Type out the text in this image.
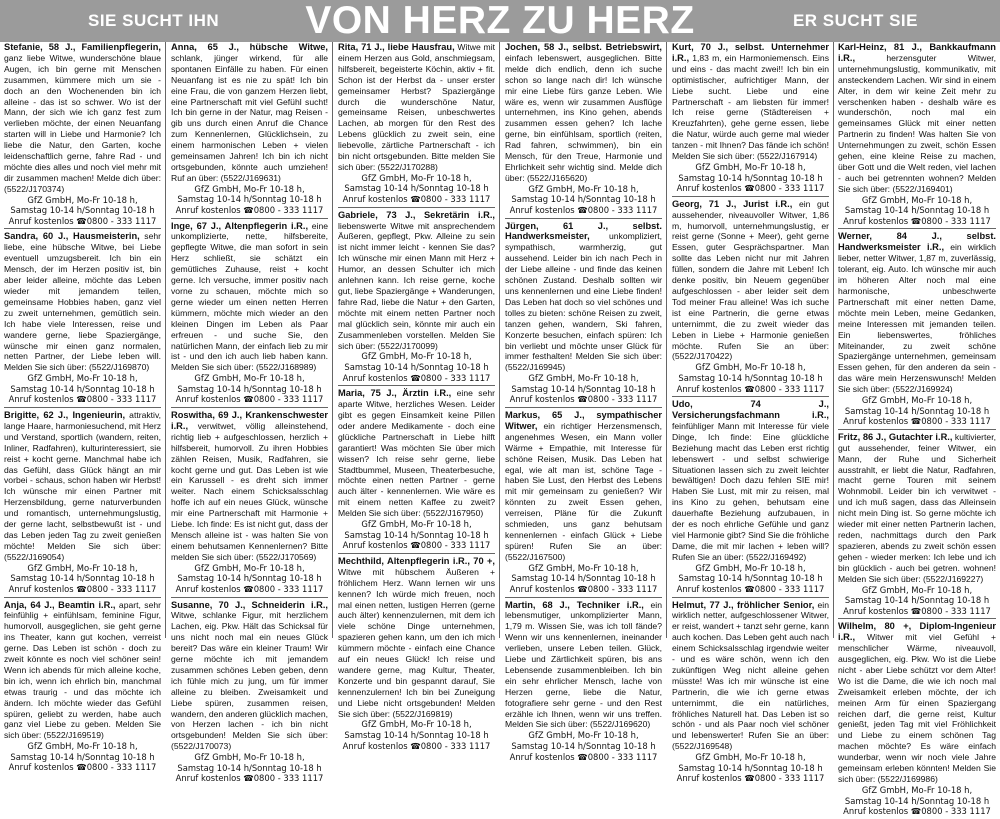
SIE SUCHT IHN	VON HERZ ZU HERZ	ER SUCHT SIE
Stefanie, 58 J., Familienpflegerin, ganz liebe Witwe, wunderschöne blaue Augen, ich bin gerne mit Menschen zusammen, kümmere mich um sie - doch an den Wochenenden bin ich alleine - das ist so schwer. Wo ist der Mann, der sich wie ich ganz fest zum verlieben möchte, der einen Neuanfang starten will in Liebe und Harmonie? Ich liebe die Natur, den Garten, koche leidenschaftlich gerne, fahre Rad - und möchte dies alles und noch viel mehr mit dir zusammen machen! Melde dich über: (5522/J170374)
GfZ GmbH, Mo-Fr 10-18 h,
Samstag 10-14 h/Sonntag 10-18 h
Anruf kostenlos ☎0800 - 333 1117
Sandra, 60 J., Hausmeisterin, sehr liebe, eine hübsche Witwe, bei Liebe eventuell umzugsbereit. Ich bin ein Mensch, der im Herzen positiv ist, bin aber leider alleine, möchte das Leben wieder mit jemandem teilen, gemeinsame Hobbies haben, ganz viel zu zweit unternehmen, gemütlich sein. Ich habe viele Interessen, reise und wandere gerne, liebe Spaziergänge, wünsche mir einen ganz normalen, netten Partner, der Liebe leben will. Melden Sie sich über: (5522/J169870)
GfZ GmbH, Mo-Fr 10-18 h,
Samstag 10-14 h/Sonntag 10-18 h
Anruf kostenlos ☎0800 - 333 1117
Brigitte, 62 J., Ingenieurin, attraktiv, lange Haare, harmoniesuchend, mit Herz und Verstand, sportlich (wandern, reiten, Inliner, Radfahren), kulturinteressiert, sie reist + kocht gerne. Manchmal habe ich das Gefühl, dass Glück hängt an mir vorbei - schaus, schon haben wir Herbst! Ich wünsche mir einen Partner mit Herzensbildung, gerne naturverbunden und romantisch, unternehmungslustig, der gerne lacht, selbstbewußt ist - und das Leben jeden Tag zu zweit genießen möchte! Melden Sie sich über: (5522/J169054)
GfZ GmbH, Mo-Fr 10-18 h,
Samstag 10-14 h/Sonntag 10-18 h
Anruf kostenlos ☎0800 - 333 1117
Anja, 64 J., Beamtin i.R., apart, sehr feinfühlig + einfühlsam, feminine Figur, humorvoll, ausgeglichen, sie geht gerne ins Theater, kann gut kochen, verreist gerne. Das Leben ist schön - doch zu zweit könnte es noch viel schöner sein! Wenn ich abends für mich alleine koche, bin ich, wenn ich ehrlich bin, manchmal etwas traurig - und das möchte ich ändern. Ich möchte wieder das Gefühl spüren, geliebt zu werden, habe auch ganz viel Liebe zu geben. Melden Sie sich über: (5522/J169519)
GfZ GmbH, Mo-Fr 10-18 h,
Samstag 10-14 h/Sonntag 10-18 h
Anruf kostenlos ☎0800 - 333 1117
Anna, 65 J., hübsche Witwe, schlank, jünger wirkend, für alle spontanen Einfälle zu haben. Für einen Neuanfang ist es nie zu spät! Ich bin eine Frau, die von ganzem Herzen liebt, eine Partnerschaft mit viel Gefühl sucht! Ich bin gerne in der Natur, mag Reisen - gib uns durch einen Anruf die Chance zum Kennenlernen, Glücklichsein, zu einem harmonischen Leben + vielen gemeinsamen Jahren! Ich bin ich nicht ortsgebunden, könnte auch umziehen! Ruf an über: (5522/J169631)
GfZ GmbH, Mo-Fr 10-18 h,
Samstag 10-14 h/Sonntag 10-18 h
Anruf kostenlos ☎0800 - 333 1117
Inge, 67 J., Altenpflegerin i.R., eine unkomplizierte, nette, hilfsbereite, gepflegte Witwe, die man sofort in sein Herz schließt, sie schätzt ein gemütliches Zuhause, reist + kocht gerne. Ich versuche, immer positiv nach vorne zu schauen, möchte mich so gerne wieder um einen netten Herren kümmern, möchte mich wieder an den kleinen Dingen im Leben als Paar erfreuen - und suche Sie, den natürlichen Mann, der einfach lieb zu mir ist - und den ich auch lieb haben kann. Melden Sie sich über: (5522/J168989)
GfZ GmbH, Mo-Fr 10-18 h,
Samstag 10-14 h/Sonntag 10-18 h
Anruf kostenlos ☎0800 - 333 1117
Roswitha, 69 J., Krankenschwester i.R., verwitwet, völlig alleinstehend, richtig lieb + aufgeschlossen, herzlich + hilfsbereit, humorvoll. Zu ihren Hobbies zählen Reisen, Musik, Radfahren, sie kocht gerne und gut. Das Leben ist wie ein Karussell - es dreht sich immer weiter. Nach einem Schicksalsschlag hoffe ich auf ein neues Glück, wünsche mir eine Partnerschaft mit Harmonie + Liebe. Ich finde: Es ist nicht gut, dass der Mensch alleine ist - was halten Sie von einem behutsamen Kennenlernen? Bitte melden Sie sich über: (5522/J170569)
GfZ GmbH, Mo-Fr 10-18 h,
Samstag 10-14 h/Sonntag 10-18 h
Anruf kostenlos ☎0800 - 333 1117
Susanne, 70 J., Schneiderin i.R., Witwe, schlanke Figur, mit herzlichem Lachen, eig. Pkw. Hält das Schicksal für uns nicht noch mal ein neues Glück bereit? Das wäre ein kleiner Traum! Wir gerne möchte ich mit jemandem zusammen schönes Leben geben, denn ich fühle mich zu jung, um für immer alleine zu bleiben. Zweisamkeit und Liebe spüren, zusammen reisen, wandern, den anderen glücklich machen, von Herzen lachen - ich bin nicht ortsgebunden! Melden Sie sich über: (5522/J170073)
GfZ GmbH, Mo-Fr 10-18 h,
Samstag 10-14 h/Sonntag 10-18 h
Anruf kostenlos ☎0800 - 333 1117
Rita, 71 J., liebe Hausfrau, Witwe mit einem Herzen aus Gold, anschmiegsam, hilfsbereit, begeisterte Köchin, aktiv + fit. Schon ist der Herbst da - unser erster gemeinsamer Herbst? Spaziergänge durch die wunderschöne Natur, gemeinsame Reisen, unbeschwertes Lachen, ab morgen für den Rest des Lebens glücklich zu zweit sein, eine liebevolle, zärtliche Partnerschaft - ich bin nicht ortsgebunden. Bitte melden Sie sich über: (5522/J170288)
GfZ GmbH, Mo-Fr 10-18 h,
Samstag 10-14 h/Sonntag 10-18 h
Anruf kostenlos ☎0800 - 333 1117
Gabriele, 73 J., Sekretärin i.R., liebenswerte Witwe mit ansprechendem Äußeren, gepflegt, Pkw. Alleine zu sein ist nicht immer leicht - kennen Sie das? Ich wünsche mir einen Mann mit Herz + Humor, an dessen Schulter ich mich anlehnen kann. Ich reise gerne, koche gut, liebe Spaziergänge + Wanderungen, fahre Rad, liebe die Natur + den Garten, möchte mit einem netten Partner noch mal glücklich sein, könnte mir auch ein Zusammenleben vorstellen. Melden Sie sich über: (5522/J170099)
GfZ GmbH, Mo-Fr 10-18 h,
Samstag 10-14 h/Sonntag 10-18 h
Anruf kostenlos ☎0800 - 333 1117
Maria, 75 J., Ärztin i.R., eine sehr aparte Witwe, herzliches Wesen. Leider gibt es gegen Einsamkeit keine Pillen oder andere Medikamente - doch eine glückliche Partnerschaft in Liebe hilft garantiert! Was möchten Sie über mich wissen? Ich reise sehr gerne, liebe Stadtbummel, Museen, Theaterbesuche, möchte einen netten Partner - gerne auch älter - kennenlernen. Wie wäre es mit einem netten Kaffee zu zweit? Melden Sie sich über: (5522/J167950)
GfZ GmbH, Mo-Fr 10-18 h,
Samstag 10-14 h/Sonntag 10-18 h
Anruf kostenlos ☎0800 - 333 1117
Mechthild, Altenpflegerin i.R., 70 +, Witwe mit hübschem Äußeren + fröhlichem Herz. Wann lernen wir uns kennen? Ich würde mich freuen, noch mal einen netten, lustigen Herren (gerne auch älter) kennenzulernen, mit dem ich viele schöne Dinge unternehmen, spazieren gehen kann, um den ich mich kümmern möchte - einfach eine Chance auf ein neues Glück! Ich reise und wandere gerne, mag Kultur, Theater, Konzerte und bin gespannt darauf, Sie kennenzulernen! Ich bin bei Zuneigung und Liebe nicht ortsgebunden! Melden Sie sich über: (5522/J169819)
GfZ GmbH, Mo-Fr 10-18 h,
Samstag 10-14 h/Sonntag 10-18 h
Anruf kostenlos ☎0800 - 333 1117
Jochen, 58 J., selbst. Betriebswirt, einfach lebenswert, ausgeglichen. Bitte melde dich endlich, denn ich suche schon so lange nach dir! Ich wünsche mir eine Liebe fürs ganze Leben. Wie wäre es, wenn wir zusammen Ausflüge unternehmen, ins Kino gehen, abends zusammen essen gehen? Ich lache gerne, bin einfühlsam, sportlich (reiten, Rad fahren, schwimmen), bin ein Mensch, für den Treue, Harmonie und Ehrlichkeit sehr wichtig sind. Melde dich über: (5522/J165620)
GfZ GmbH, Mo-Fr 10-18 h,
Samstag 10-14 h/Sonntag 10-18 h
Anruf kostenlos ☎0800 - 333 1117
Jürgen, 61 J., selbst. Handwerksmeister, unkompliziert, sympathisch, warmherzig, gut aussehend. Leider bin ich nach Pech in der Liebe alleine - und finde das keinen schönen Zustand. Deshalb sollten wir uns kennenlernen und eine Liebe finden! Das Leben hat doch so viel schönes und tolles zu bieten: schöne Reisen zu zweit, tanzen gehen, wandern, Ski fahren, Konzerte besuchen, einfach spüren: Ich bin verliebt und möchte unser Glück für immer festhalten! Melden Sie sich über: (5522/J169945)
GfZ GmbH, Mo-Fr 10-18 h,
Samstag 10-14 h/Sonntag 10-18 h
Anruf kostenlos ☎0800 - 333 1117
Markus, 65 J., sympathischer Witwer, ein richtiger Herzensmensch, angenehmes Wesen, ein Mann voller Wärme + Empathie, mit Interesse für schöne Reisen, Musik. Das Leben hat egal, wie alt man ist, schöne Tage - haben Sie Lust, den Herbst des Lebens mit mir gemeinsam zu genießen? Wir könnten zu zweit Essen gehen, verreisen, Pläne für die Zukunft schmieden, uns ganz behutsam kennenlernen - einfach Glück + Liebe spüren! Rufen Sie an über: (5522/J167500)
GfZ GmbH, Mo-Fr 10-18 h,
Samstag 10-14 h/Sonntag 10-18 h
Anruf kostenlos ☎0800 - 333 1117
Martin, 68 J., Techniker i.R., ein lebensmutiger, unkomplizierter Mann, 1,79 m. Wissen Sie, was ich toll fände? Wenn wir uns kennenlernen, ineinander verlieben, unsere Leben teilen. Glück, Liebe und Zärtlichkeit spüren, bis ans Lebensende zusammenbleiben. Ich bin ein sehr ehrlicher Mensch, lache von Herzen gerne, liebe die Natur, fotografiere sehr gerne - und den Rest erzähle ich Ihnen, wenn wir uns treffen. Melden Sie sich über: (5522/J169620)
GfZ GmbH, Mo-Fr 10-18 h,
Samstag 10-14 h/Sonntag 10-18 h
Anruf kostenlos ☎0800 - 333 1117
Kurt, 70 J., selbst. Unternehmer i.R., 1,83 m, ein Harmoniemensch. Eins und eins - das macht zwei!! Ich bin ein optimistischer, aufrichtiger Mann, der Liebe sucht. Liebe und eine Partnerschaft - am liebsten für immer! Ich reise gerne (Städtereisen + Kreuzfahrten), gehe gerne essen, liebe die Natur, würde auch gerne mal wieder tanzen - mit Ihnen? Das fände ich schön! Melden Sie sich über: (5522/J167914)
GfZ GmbH, Mo-Fr 10-18 h,
Samstag 10-14 h/Sonntag 10-18 h
Anruf kostenlos ☎0800 - 333 1117
Georg, 71 J., Jurist i.R., ein gut aussehender, niveauvoller Witwer, 1,86 m, humorvoll, unternehmungslustig, er reist gerne (Sonne + Meer), geht gerne Essen, guter Gesprächspartner. Man sollte das Leben nicht nur mit Jahren füllen, sondern die Jahre mit Leben! Ich denke positiv, bin Neuem gegenüber aufgeschlossen - aber leider seit dem Tod meiner Frau alleine! Was ich suche ist eine Partnerin, die gerne etwas unternimmt, die zu zweit wieder das Leben in Liebe + Harmonie genießen möchte. Rufen Sie an über: (5522/J170422)
GfZ GmbH, Mo-Fr 10-18 h,
Samstag 10-14 h/Sonntag 10-18 h
Anruf kostenlos ☎0800 - 333 1117
Udo, 74 J., Versicherungsfachmann i.R., feinfühliger Mann mit Interesse für viele Dinge, Ich finde: Eine glückliche Beziehung macht das Leben erst richtig lebenswert - und selbst schwierige Situationen lassen sich zu zweit leichter bewältigen! Doch dazu fehlen SIE mir! Haben Sie Lust, mit mir zu reisen, mal ins Kino zu gehen, behutsam eine dauerhafte Beziehung aufzubauen, in der es noch ehrliche Gefühle und ganz viel Harmonie gibt? Sind Sie die fröhliche Dame, die mit mir lachen + leben will? Rufen Sie an über: (5522/J169492)
GfZ GmbH, Mo-Fr 10-18 h,
Samstag 10-14 h/Sonntag 10-18 h
Anruf kostenlos ☎0800 - 333 1117
Helmut, 77 J., fröhlicher Senior, ein wirklich netter, aufgeschlossener Witwer, er reist, wandert + tanzt sehr gerne, kann auch kochen. Das Leben geht auch nach einem Schicksalsschlag irgendwie weiter - und es wäre schön, wenn ich den zukünftigen Weg nicht alleine gehen müsste! Was ich mir wünsche ist eine Partnerin, die wie ich gerne etwas unternimmt, die ein natürliches, fröhliches Naturell hat. Das Leben ist so schön - und als Paar noch viel schöner und lebenswerter! Rufen Sie an über: (5522/J169548)
GfZ GmbH, Mo-Fr 10-18 h,
Samstag 10-14 h/Sonntag 10-18 h
Anruf kostenlos ☎0800 - 333 1117
Karl-Heinz, 81 J., Bankkaufmann i.R., herzensguter Witwer, unternehmungslustig, kommunikativ, mit ansteckendem Lachen. Wir sind in einem Alter, in dem wir keine Zeit mehr zu verschenken haben - deshalb wäre es wunderschön, noch mal ein gemeinsames Glück mit einer netten Partnerin zu finden! Was halten Sie von Unternehmungen zu zweit, schön Essen gehen, eine kleine Reise zu machen, über Gott und die Welt reden, viel lachen - auch bei getrennten wohnen? Melden Sie sich über: (5522/J169401)
GfZ GmbH, Mo-Fr 10-18 h,
Samstag 10-14 h/Sonntag 10-18 h
Anruf kostenlos ☎0800 - 333 1117
Werner, 84 J., selbst. Handwerksmeister i.R., ein wirklich lieber, netter Witwer, 1,87 m, zuverlässig, tolerant, eig. Auto. Ich wünsche mir auch im höheren Alter noch mal eine harmonische, unbeschwerte Partnerschaft mit einer netten Dame, möchte mein Leben, meine Gedanken, meine Interessen mit jemanden teilen. Ein liebenswertes, fröhliches Miteinander, zu zweit schöne Spaziergänge unternehmen, gemeinsam Essen gehen, für den anderen da sein - das wäre mein Herzenswunsch! Melden Sie sich über: (5522/J169924)
GfZ GmbH, Mo-Fr 10-18 h,
Samstag 10-14 h/Sonntag 10-18 h
Anruf kostenlos ☎0800 - 333 1117
Fritz, 86 J., Gutachter i.R., kultivierter, gut aussehender, feiner Witwer, ein Mann, der Ruhe und Sicherheit ausstrahlt, er liebt die Natur, Radfahren, macht gerne Touren mit seinem Wohnmobil. Leider bin ich verwitwet - und ich muß sagen, dass das Alleinsein nicht mein Ding ist. So gerne möchte ich wieder mit einer netten Partnerin lachen, reden, nachmittags durch den Park spazieren, abends zu zweit schön essen gehen - wieder merken: Ich lebe und ich bin glücklich - auch bei getren. wohnen! Melden Sie sich über: (5522/J169227)
GfZ GmbH, Mo-Fr 10-18 h,
Samstag 10-14 h/Sonntag 10-18 h
Anruf kostenlos ☎0800 - 333 1117
Wilhelm, 80 +, Diplom-Ingenieur i.R., Witwer mit viel Gefühl + menschlicher Wärme, niveauvoll, ausgeglichen, eig. Pkw. Wo ist die Liebe nicht - aber Liebe schützt vor dem Alter! Wo ist die Dame, die wie ich noch mal Zweisamkeit erleben möchte, der ich meinen Arm für einen Spaziergang reichen darf, die gerne reist, Kultur genießt, jeden Tag mit viel Fröhlichkeit und Liebe zu einem schönen Tag machen möchte? Es wäre einfach wunderbar, wenn wir noch viele Jahre gemeinsam erleben könnten! Melden Sie sich über: (5522/J169986)
GfZ GmbH, Mo-Fr 10-18 h,
Samstag 10-14 h/Sonntag 10-18 h
Anruf kostenlos ☎0800 - 333 1117
